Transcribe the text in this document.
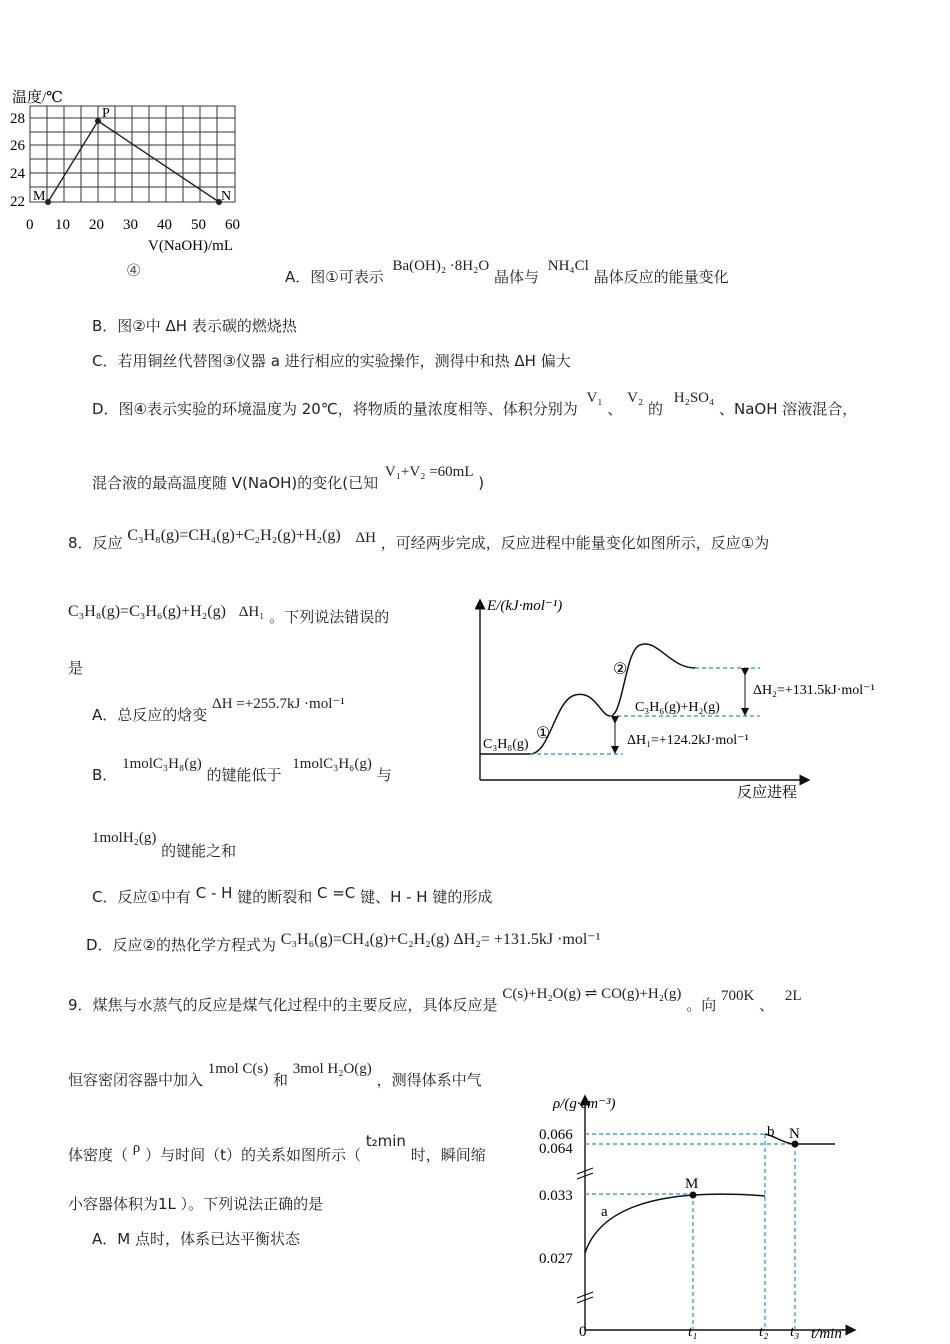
温度/℃
28
26
24
22
0 10 20 30 40 50 60
M
P
N
V(NaOH)/mL
④	A．图①可表示 Ba(OH)₂ ·8H₂O 晶体与 NH₄Cl 晶体反应的能量变化
B．图②中 ΔH 表示碳的燃烧热
C．若用铜丝代替图③仪器 a 进行相应的实验操作，测得中和热 ΔH 偏大
D．图④表示实验的环境温度为 20℃，将物质的量浓度相等、体积分别为 V₁ 、 V₂ 的 H₂SO₄ 、NaOH 溶液混合，
混合液的最高温度随 V(NaOH)的变化(已知 V₁+V₂ =60mL )
8．反应 C₃H₈(g)=CH₄(g)+C₂H₂(g)+H₂(g) ΔH ，可经两步完成，反应进程中能量变化如图所示，反应①为
C₃H₈(g)=C₃H₆(g)+H₂(g) ΔH₁ 。下列说法错误的
是
A．总反应的焓变 ΔH =+255.7kJ ·mol⁻¹
B． 1molC₃H₈(g) 的键能低于 1molC₃H₆(g) 与
1molH₂(g) 的键能之和
C．反应①中有 C - H 键的断裂和 C =C 键、H - H 键的形成
D．反应②的热化学方程式为 C₃H₆(g)=CH₄(g)+C₂H₂(g) ΔH₂= +131.5kJ ·mol⁻¹
E/(kJ·mol⁻¹)
反应进程
C₃H₈(g)
①
②
C₃H₆(g)+H₂(g)
ΔH₁=+124.2kJ·mol⁻¹
ΔH₂=+131.5kJ·mol⁻¹
9．煤焦与水蒸气的反应是煤气化过程中的主要反应，具体反应是 C(s)+H₂O(g) ⇌ CO(g)+H₂(g) 。向 700K 、 2L
恒容密闭容器中加入 1mol C(s) 和 3mol H₂O(g) ，测得体系中气
体密度（ ρ ）与时间（t）的关系如图所示（ t₂min 时，瞬间缩
小容器体积为1L ）。下列说法正确的是
A．M 点时，体系已达平衡状态
ρ/(g·cm⁻³)
0.066
0.064
0.033
0.027
0
M
a
b N
t₁	t₂ t₃ t/min
